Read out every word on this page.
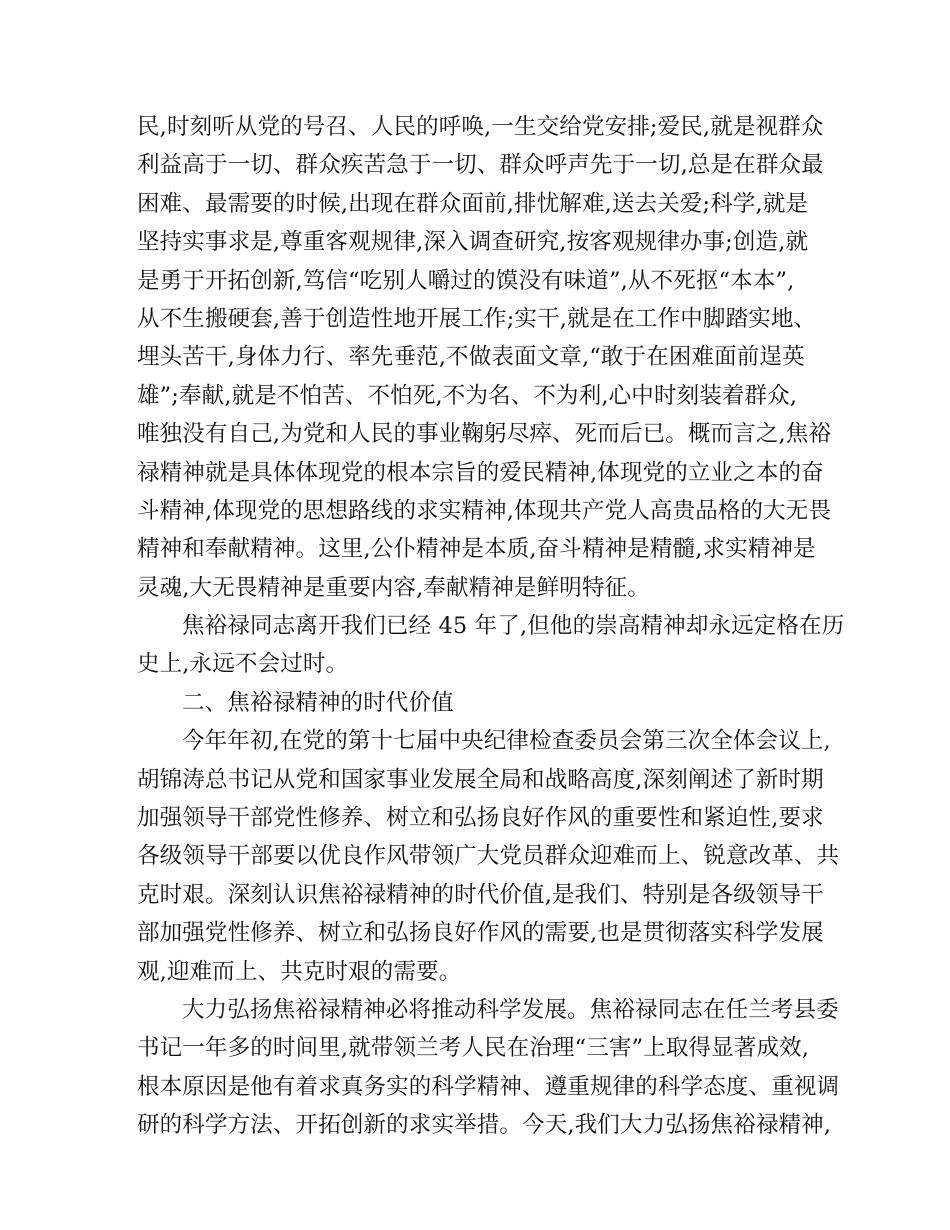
民,时刻听从党的号召、人民的呼唤,一生交给党安排;爱民,就是视群众
利益高于一切、群众疾苦急于一切、群众呼声先于一切,总是在群众最
困难、最需要的时候,出现在群众面前,排忧解难,送去关爱;科学,就是
坚持实事求是,尊重客观规律,深入调查研究,按客观规律办事;创造,就
是勇于开拓创新,笃信“吃别人嚼过的馍没有味道”,从不死抠“本本”,
从不生搬硬套,善于创造性地开展工作;实干,就是在工作中脚踏实地、
埋头苦干,身体力行、率先垂范,不做表面文章,“敢于在困难面前逞英
雄”;奉献,就是不怕苦、不怕死,不为名、不为利,心中时刻装着群众,
唯独没有自己,为党和人民的事业鞠躬尽瘁、死而后已。概而言之,焦裕
禄精神就是具体体现党的根本宗旨的爱民精神,体现党的立业之本的奋
斗精神,体现党的思想路线的求实精神,体现共产党人高贵品格的大无畏
精神和奉献精神。这里,公仆精神是本质,奋斗精神是精髓,求实精神是
灵魂,大无畏精神是重要内容,奉献精神是鲜明特征。
焦裕禄同志离开我们已经 45 年了,但他的崇高精神却永远定格在历
史上,永远不会过时。
二、焦裕禄精神的时代价值
今年年初,在党的第十七届中央纪律检查委员会第三次全体会议上,
胡锦涛总书记从党和国家事业发展全局和战略高度,深刻阐述了新时期
加强领导干部党性修养、树立和弘扬良好作风的重要性和紧迫性,要求
各级领导干部要以优良作风带领广大党员群众迎难而上、锐意改革、共
克时艰。深刻认识焦裕禄精神的时代价值,是我们、特别是各级领导干
部加强党性修养、树立和弘扬良好作风的需要,也是贯彻落实科学发展
观,迎难而上、共克时艰的需要。
大力弘扬焦裕禄精神必将推动科学发展。焦裕禄同志在任兰考县委
书记一年多的时间里,就带领兰考人民在治理“三害”上取得显著成效,
根本原因是他有着求真务实的科学精神、遵重规律的科学态度、重视调
研的科学方法、开拓创新的求实举措。今天,我们大力弘扬焦裕禄精神,
